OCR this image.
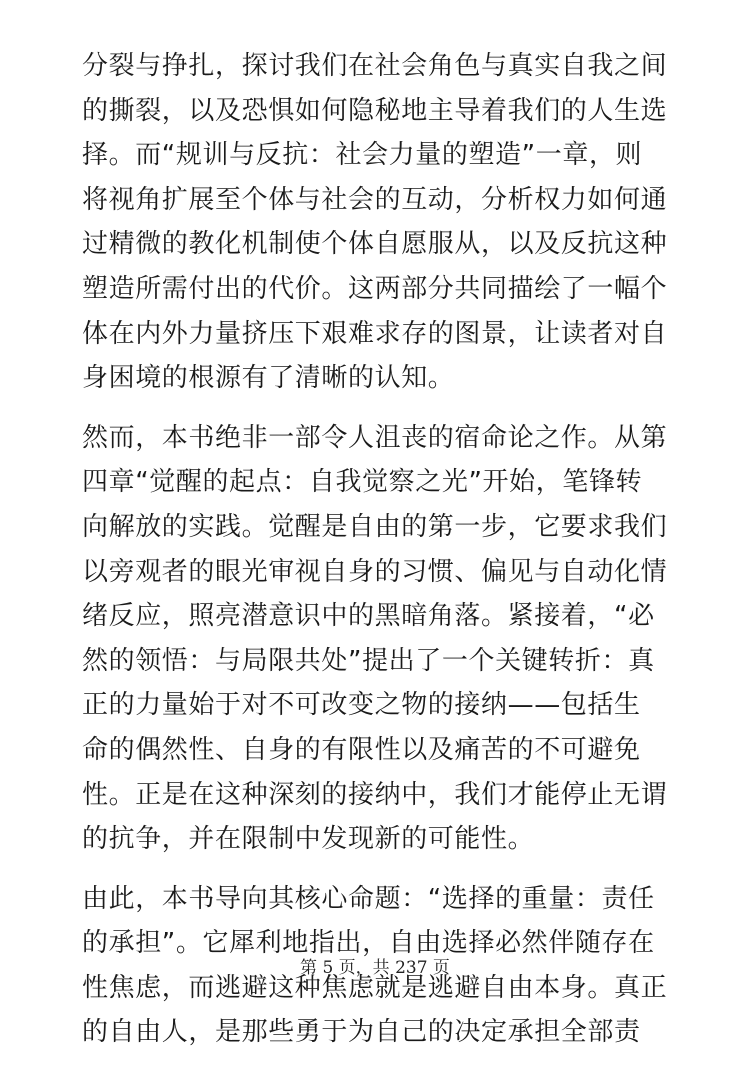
分裂与挣扎，探讨我们在社会角色与真实自我之间
的撕裂，以及恐惧如何隐秘地主导着我们的人生选
择。而“规训与反抗：社会力量的塑造”一章，则
将视角扩展至个体与社会的互动，分析权力如何通
过精微的教化机制使个体自愿服从，以及反抗这种
塑造所需付出的代价。这两部分共同描绘了一幅个
体在内外力量挤压下艰难求存的图景，让读者对自
身困境的根源有了清晰的认知。

然而，本书绝非一部令人沮丧的宿命论之作。从第
四章“觉醒的起点：自我觉察之光”开始，笔锋转
向解放的实践。觉醒是自由的第一步，它要求我们
以旁观者的眼光审视自身的习惯、偏见与自动化情
绪反应，照亮潜意识中的黑暗角落。紧接着，“必
然的领悟：与局限共处”提出了一个关键转折：真
正的力量始于对不可改变之物的接纳——包括生
命的偶然性、自身的有限性以及痛苦的不可避免
性。正是在这种深刻的接纳中，我们才能停止无谓
的抗争，并在限制中发现新的可能性。

由此，本书导向其核心命题：“选择的重量：责任
的承担”。它犀利地指出，自由选择必然伴随存在
性焦虑，而逃避这种焦虑就是逃避自由本身。真正
的自由人，是那些勇于为自己的决定承担全部责

第 5 页，共 237 页
